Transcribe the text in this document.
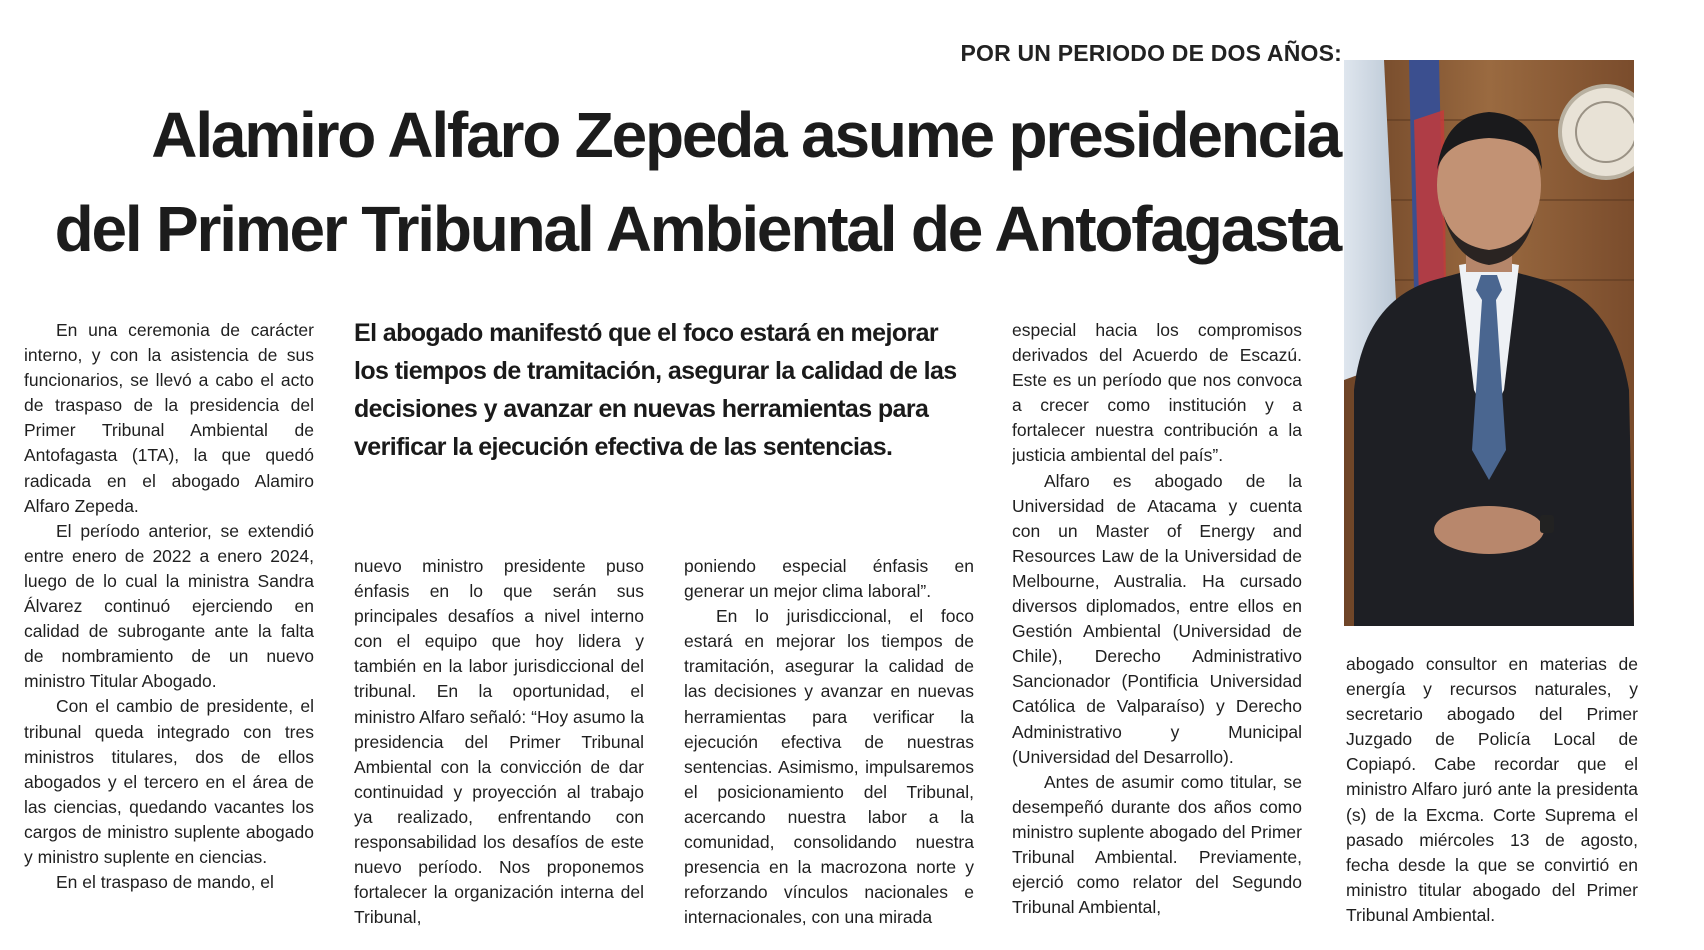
POR UN PERIODO DE DOS AÑOS:
Alamiro Alfaro Zepeda asume presidencia
del Primer Tribunal Ambiental de Antofagasta

En una ceremonia de carácter interno, y con la asistencia de sus funcionarios, se llevó a cabo el acto de traspaso de la presidencia del Primer Tribunal Ambiental de Antofagasta (1TA), la que quedó radicada en el abogado Alamiro Alfaro Zepeda.

El período anterior, se extendió entre enero de 2022 a enero 2024, luego de lo cual la ministra Sandra Álvarez continuó ejerciendo en calidad de subrogante ante la falta de nombramiento de un nuevo ministro Titular Abogado.

Con el cambio de presidente, el tribunal queda integrado con tres ministros titulares, dos de ellos abogados y el tercero en el área de las ciencias, quedando vacantes los cargos de ministro suplente abogado y ministro suplente en ciencias.

En el traspaso de mando, el

El abogado manifestó que el foco estará en mejorar los tiempos de tramitación, asegurar la calidad de las decisiones y avanzar en nuevas herramientas para verificar la ejecución efectiva de las sentencias.

nuevo ministro presidente puso énfasis en lo que serán sus principales desafíos a nivel interno con el equipo que hoy lidera y también en la labor jurisdiccional del tribunal. En la oportunidad, el ministro Alfaro señaló: “Hoy asumo la presidencia del Primer Tribunal Ambiental con la convicción de dar continuidad y proyección al trabajo ya realizado, enfrentando con responsabilidad los desafíos de este nuevo período. Nos proponemos fortalecer la organización interna del Tribunal,

poniendo especial énfasis en generar un mejor clima laboral”.

En lo jurisdiccional, el foco estará en mejorar los tiempos de tramitación, asegurar la calidad de las decisiones y avanzar en nuevas herramientas para verificar la ejecución efectiva de nuestras sentencias. Asimismo, impulsaremos el posicionamiento del Tribunal, acercando nuestra labor a la comunidad, consolidando nuestra presencia en la macrozona norte y reforzando vínculos nacionales e internacionales, con una mirada

especial hacia los compromisos derivados del Acuerdo de Escazú. Este es un período que nos convoca a crecer como institución y a fortalecer nuestra contribución a la justicia ambiental del país”.

Alfaro es abogado de la Universidad de Atacama y cuenta con un Master of Energy and Resources Law de la Universidad de Melbourne, Australia. Ha cursado diversos diplomados, entre ellos en Gestión Ambiental (Universidad de Chile), Derecho Administrativo Sancionador (Pontificia Universidad Católica de Valparaíso) y Derecho Administrativo y Municipal (Universidad del Desarrollo).

Antes de asumir como titular, se desempeñó durante dos años como ministro suplente abogado del Primer Tribunal Ambiental. Previamente, ejerció como relator del Segundo Tribunal Ambiental,

abogado consultor en materias de energía y recursos naturales, y secretario abogado del Primer Juzgado de Policía Local de Copiapó. Cabe recordar que el ministro Alfaro juró ante la presidenta (s) de la Excma. Corte Suprema el pasado miércoles 13 de agosto, fecha desde la que se convirtió en ministro titular abogado del Primer Tribunal Ambiental.
